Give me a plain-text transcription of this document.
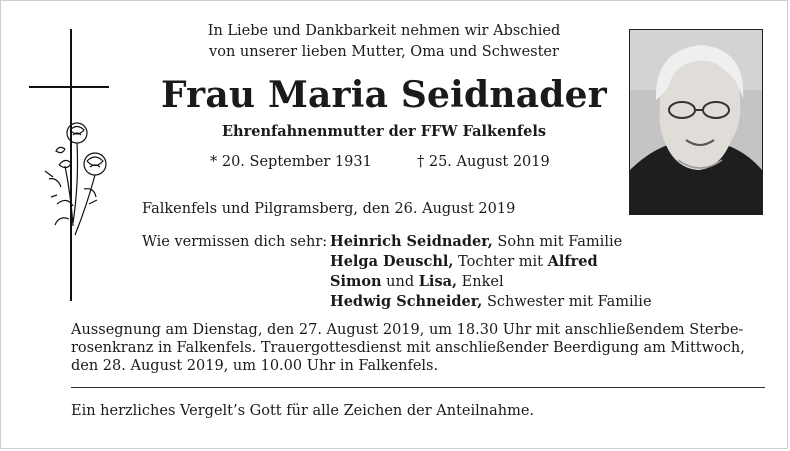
In Liebe und Dankbarkeit nehmen wir Abschied
von unserer lieben Mutter, Oma und Schwester
Frau Maria Seidnader
Ehrenfahnenmutter der FFW Falkenfels
* 20. September 1931	† 25. August 2019
Falkenfels und Pilgramsberg, den 26. August 2019
Wie vermissen dich sehr: Heinrich Seidnader, Sohn mit Familie
Helga Deuschl, Tochter mit Alfred
Simon und Lisa, Enkel
Hedwig Schneider, Schwester mit Familie
Aussegnung am Dienstag, den 27. August 2019, um 18.30 Uhr mit anschließendem Sterbe-
rosenkranz in Falkenfels. Trauergottesdienst mit anschließender Beerdigung am Mittwoch,
den 28. August 2019, um 10.00 Uhr in Falkenfels.
Ein herzliches Vergelt’s Gott für alle Zeichen der Anteilnahme.
